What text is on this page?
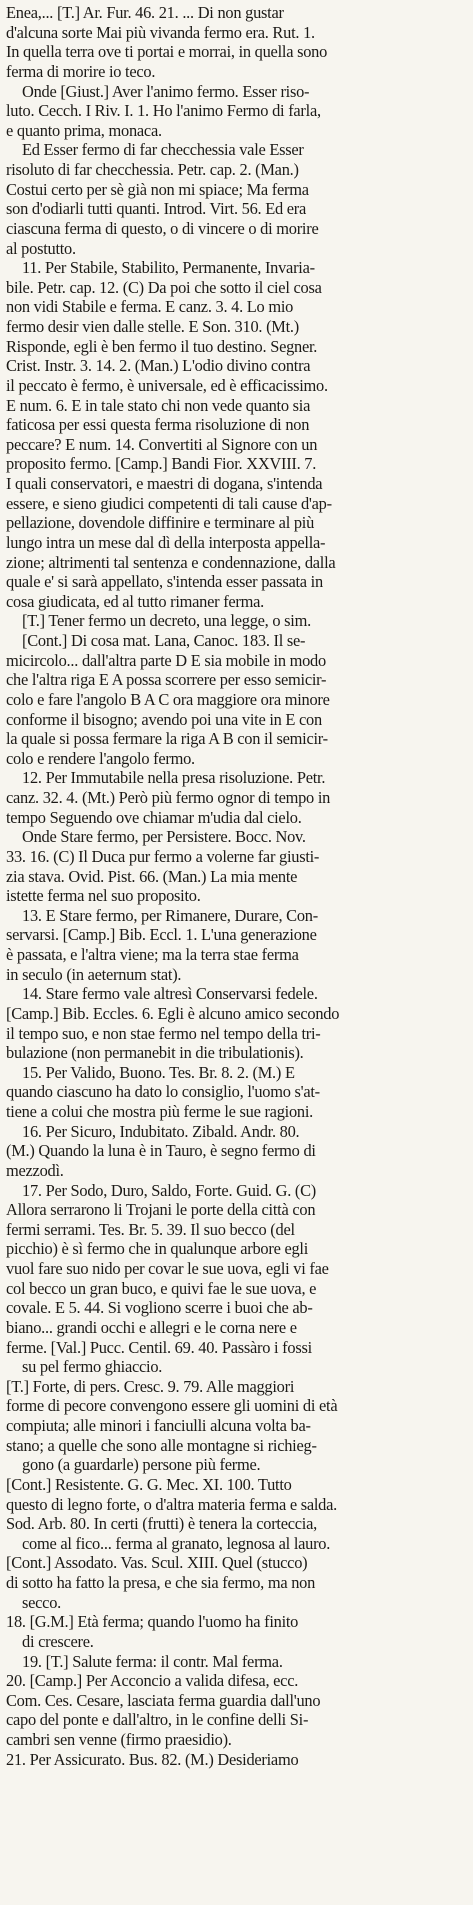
Enea,... [T.] Ar. Fur. 46. 21. ... Di non gustar
d'alcuna sorte Mai più vivanda fermo era. Rut. 1.
In quella terra ove ti portai e morrai, in quella sono
ferma di morire io teco.
Onde [Giust.] Aver l'animo fermo. Esser riso-
luto. Cecch. I Riv. I. 1. Ho l'animo Fermo di farla,
e quanto prima, monaca.
Ed Esser fermo di far checchessia vale Esser
risoluto di far checchessia. Petr. cap. 2. (Man.)
Costui certo per sè già non mi spiace; Ma ferma
son d'odiarli tutti quanti. Introd. Virt. 56. Ed era
ciascuna ferma di questo, o di vincere o di morire
al postutto.
11. Per Stabile, Stabilito, Permanente, Invaria-
bile. Petr. cap. 12. (C) Da poi che sotto il ciel cosa
non vidi Stabile e ferma. E canz. 3. 4. Lo mio
fermo desir vien dalle stelle. E Son. 310. (Mt.)
Risponde, egli è ben fermo il tuo destino. Segner.
Crist. Instr. 3. 14. 2. (Man.) L'odio divino contra
il peccato è fermo, è universale, ed è efficacissimo.
E num. 6. E in tale stato chi non vede quanto sia
faticosa per essi questa ferma risoluzione di non
peccare? E num. 14. Convertiti al Signore con un
proposito fermo. [Camp.] Bandi Fior. XXVIII. 7.
I quali conservatori, e maestri di dogana, s'intenda
essere, e sieno giudici competenti di tali cause d'ap-
pellazione, dovendole diffinire e terminare al più
lungo intra un mese dal dì della interposta appella-
zione; altrimenti tal sentenza e condennazione, dalla
quale e' si sarà appellato, s'intenda esser passata in
cosa giudicata, ed al tutto rimaner ferma.
[T.] Tener fermo un decreto, una legge, o sim.
[Cont.] Di cosa mat. Lana, Canoc. 183. Il se-
micircolo... dall'altra parte D E sia mobile in modo
che l'altra riga E A possa scorrere per esso semicir-
colo e fare l'angolo B A C ora maggiore ora minore
conforme il bisogno; avendo poi una vite in E con
la quale si possa fermare la riga A B con il semicir-
colo e rendere l'angolo fermo.
12. Per Immutabile nella presa risoluzione. Petr.
canz. 32. 4. (Mt.) Però più fermo ognor di tempo in
tempo Seguendo ove chiamar m'udia dal cielo.
Onde Stare fermo, per Persistere. Bocc. Nov.
33. 16. (C) Il Duca pur fermo a volerne far giusti-
zia stava. Ovid. Pist. 66. (Man.) La mia mente
istette ferma nel suo proposito.
13. E Stare fermo, per Rimanere, Durare, Con-
servarsi. [Camp.] Bib. Eccl. 1. L'una generazione
è passata, e l'altra viene; ma la terra stae ferma
in seculo (in aeternum stat).
14. Stare fermo vale altresì Conservarsi fedele.
[Camp.] Bib. Eccles. 6. Egli è alcuno amico secondo
il tempo suo, e non stae fermo nel tempo della tri-
bulazione (non permanebit in die tribulationis).
15. Per Valido, Buono. Tes. Br. 8. 2. (M.) E
quando ciascuno ha dato lo consiglio, l'uomo s'at-
tiene a colui che mostra più ferme le sue ragioni.
16. Per Sicuro, Indubitato. Zibald. Andr. 80.
(M.) Quando la luna è in Tauro, è segno fermo di
mezzodì.
17. Per Sodo, Duro, Saldo, Forte. Guid. G. (C)
Allora serrarono li Trojani le porte della città con
fermi serrami. Tes. Br. 5. 39. Il suo becco (del
picchio) è sì fermo che in qualunque arbore egli
vuol fare suo nido per covar le sue uova, egli vi fae
col becco un gran buco, e quivi fae le sue uova, e
covale. E 5. 44. Si vogliono scerre i buoi che ab-
biano... grandi occhi e allegri e le corna nere e
ferme. [Val.] Pucc. Centil. 69. 40. Passàro i fossi
su pel fermo ghiaccio.
[T.] Forte, di pers. Cresc. 9. 79. Alle maggiori
forme di pecore convengono essere gli uomini di età
compiuta; alle minori i fanciulli alcuna volta ba-
stano; a quelle che sono alle montagne si richieg-
gono (a guardarle) persone più ferme.
[Cont.] Resistente. G. G. Mec. XI. 100. Tutto
questo di legno forte, o d'altra materia ferma e salda.
Sod. Arb. 80. In certi (frutti) è tenera la corteccia,
come al fico... ferma al granato, legnosa al lauro.
[Cont.] Assodato. Vas. Scul. XIII. Quel (stucco)
di sotto ha fatto la presa, e che sia fermo, ma non
secco.
18. [G.M.] Età ferma; quando l'uomo ha finito
di crescere.
19. [T.] Salute ferma: il contr. Mal ferma.
20. [Camp.] Per Acconcio a valida difesa, ecc.
Com. Ces. Cesare, lasciata ferma guardia dall'uno
capo del ponte e dall'altro, in le confine delli Si-
cambri sen venne (firmo praesidio).
21. Per Assicurato. Bus. 82. (M.) Desideriamo
